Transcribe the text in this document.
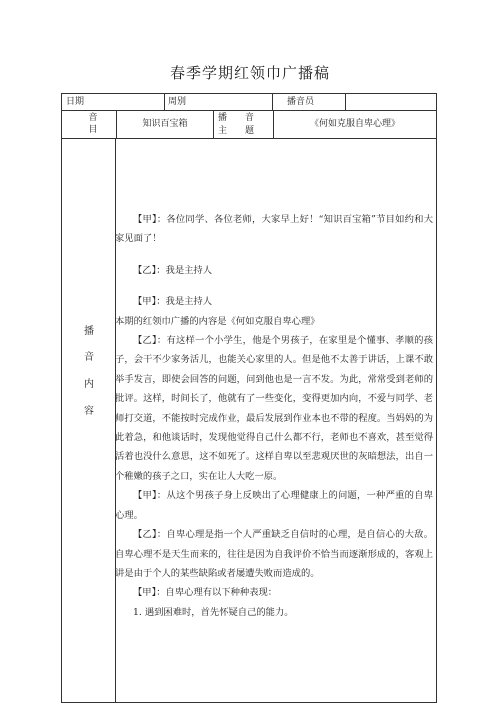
春季学期红领巾广播稿
日期	周别	播音员
音目
知识百宝箱
播　　音
主　　题
《何如克服自卑心理》
播
音
内
容

【甲】：各位同学、各位老师，大家早上好！“知识百宝箱”节目如约和大家见面了！

【乙】：我是主持人

【甲】：我是主持人

本期的红领巾广播的内容是《何如克服自卑心理》

【乙】：有这样一个小学生，他是个男孩子，在家里是个懂事、孝顺的孩子，会干不少家务活儿，也能关心家里的人。但是他不太善于讲话，上课不敢举手发言，即使会回答的问题，问到他也是一言不发。为此，常常受到老师的批评。这样，时间长了，他就有了一些变化，变得更加内向，不爱与同学、老师打交道，不能按时完成作业，最后发展到作业本也不带的程度。当妈妈的为此着急，和他谈话时，发现他觉得自己什么都不行，老师也不喜欢，甚至觉得活着也没什么意思，这不如死了。这样自卑以至悲观厌世的灰暗想法，出自一个稚嫩的孩子之口，实在让人大吃一原。

【甲】：从这个男孩子身上反映出了心理健康上的问题，一种严重的自卑心理。

【乙】：自卑心理是指一个人严重缺乏自信时的心理，是自信心的大敌。自卑心理不是天生而来的，往往是因为自我评价不恰当而逐渐形成的，客观上讲是由于个人的某些缺陷或者屡遭失败而造成的。

【甲】：自卑心理有以下种种表现：

1. 遇到困难时，首先怀疑自己的能力。
